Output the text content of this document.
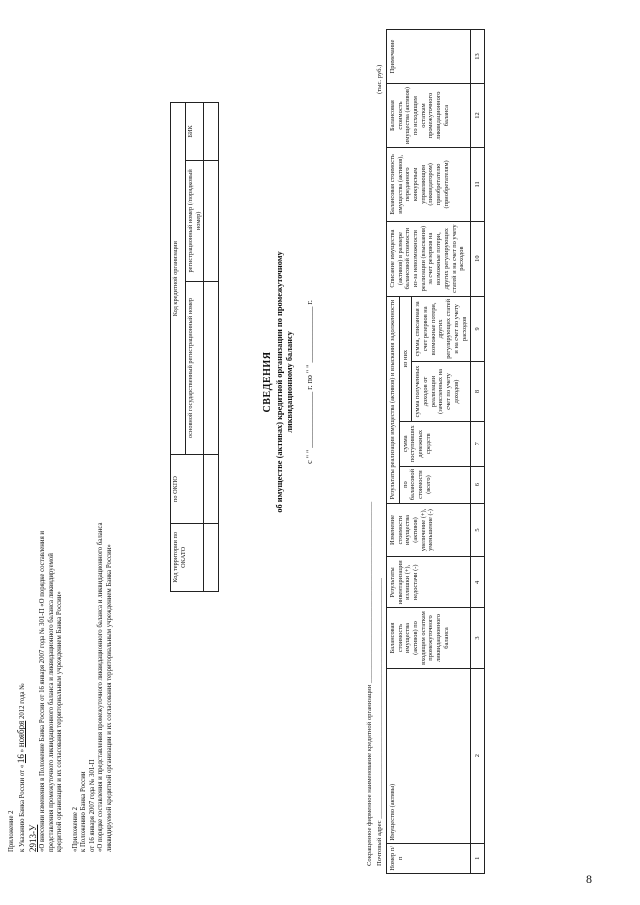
Приложение 2 к Указанию Банка России от « 16 » ноября 2012 года №

2913-У «О внесении изменения в Положение Банка России от 16 января 2007 года № 301-П «О порядке составления и представления промежуточного ликвидационного баланса и ликвидационного баланса ликвидируемой кредитной организации и их согласования территориальным учреждением Банка России» «Приложение 2 к Положению Банка России от 16 января 2007 года № 301-П «О порядке составления и представления промежуточного ликвидационного баланса и ликвидационного баланса ликвидируемой кредитной организации и их согласования территориальным учреждением Банка России»	Код территории по ОКАТО	по ОКПО	Код кредитной организации		
		основной государственный регистрационный номер	регистрационный номер (/порядковый номер)	БИК

СВЕДЕНИЯ об имуществе (активах) кредитной организации по промежуточному ликвидационному балансу с " " ______________ г. по " " ______________ г.
Сокращенное фирменное наименование кредитной организации _______________________________________________________
Почтовый адрес _________________________________________________________________________
(тыс. руб.)
Номер п/п	Имущество (активы)	Балансовая стоимость имущества (активов) по входящим остаткам промежуточного ликвидационного баланса	Результаты инвентаризации излишки (+), недостачи (-)	Изменение стоимости имущества (активов) увеличение (+), уменьшение (-)	Результаты реализации имущества (активов) и взыскания задолженности				Списание имущества (активов) в размере балансовой стоимости из-за невозможности реализации (взыскания) за счет резервов на возможные потери, других регулирующих статей и на счет по учету расходов	Балансовая стоимость имущества (активов), переданного конкурсным управляющим (ликвидатором) приобретателю (приобретателям)	Балансовая стоимость имущества (активов) по исходящим остаткам промежуточного ликвидационного баланса	Примечание
					по балансовой стоимости (всего)	сумма поступивших денежных средств	из них					
							сумма полученных доходов от реализации (зачисленных на счет по учету доходов)	сумма, списанная за счет резервов на возможные потери, других регулирующих статей и на счет по учету расходов				
1	2	3	4	5	6	7	8	9	10	11	12	13
8
